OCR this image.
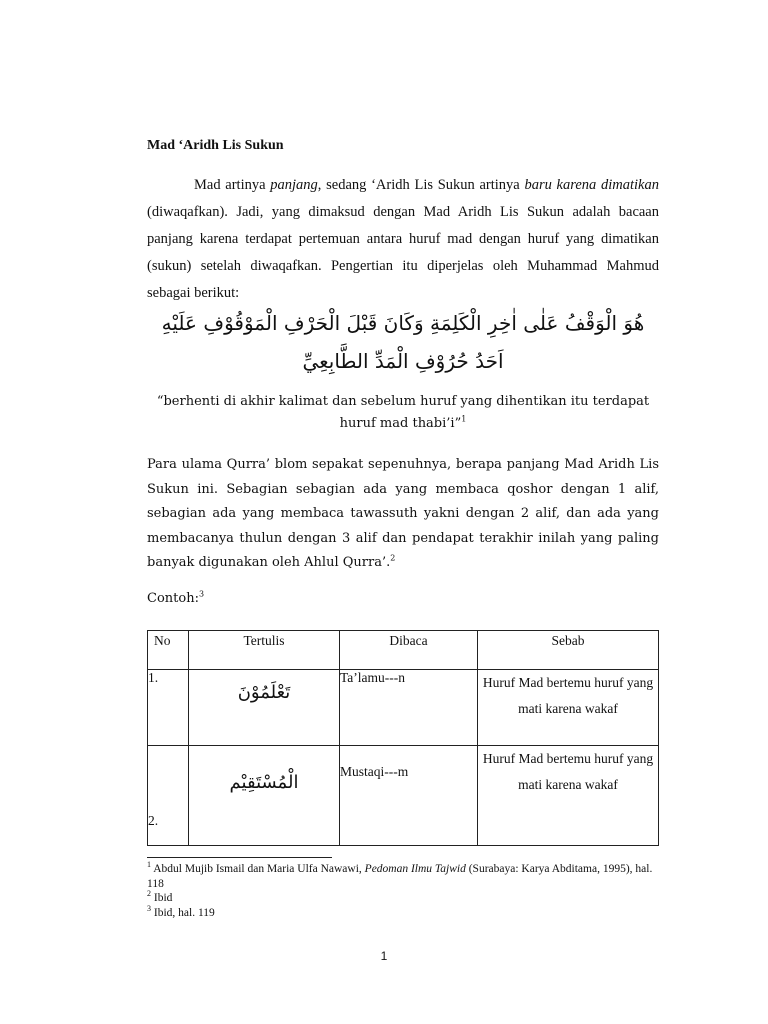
Mad ‘Aridh Lis Sukun
Mad artinya panjang, sedang ‘Aridh Lis Sukun artinya baru karena dimatikan (diwaqafkan). Jadi, yang dimaksud dengan Mad Aridh Lis Sukun adalah bacaan panjang karena terdapat pertemuan antara huruf mad dengan huruf yang dimatikan (sukun) setelah diwaqafkan. Pengertian itu diperjelas oleh Muhammad Mahmud sebagai berikut:
هُوَ الْوَقْفُ عَلٰى اٰخِرِ الْكَلِمَةِ وَكَانَ قَبْلَ الْحَرْفِ الْمَوْقُوْفِ عَلَيْهِ اَحَدُ حُرُوْفِ الْمَدِّ الطَّابِعِيِّ
“berhenti di akhir kalimat dan sebelum huruf yang dihentikan itu terdapat huruf mad thabi’i”$^1$
Para ulama Qurra’ blom sepakat sepenuhnya, berapa panjang Mad Aridh Lis Sukun ini. Sebagian sebagian ada yang membaca qoshor dengan 1 alif, sebagian ada yang membaca tawassuth yakni dengan 2 alif, dan ada yang membacanya thulun dengan 3 alif dan pendapat terakhir inilah yang paling banyak digunakan oleh Ahlul Qurra’.$^2$
Contoh:$^3$
No	Tertulis	Dibaca	Sebab
1.	تَعْلَمُوْنَ	Ta’lamu---n	Huruf Mad bertemu huruf yang
mati karena wakaf
2.	الْمُسْتَقِيْم	Mustaqi---m	Huruf Mad bertemu huruf yang
mati karena wakaf
$^1$ Abdul Mujib Ismail dan Maria Ulfa Nawawi, Pedoman Ilmu Tajwid (Surabaya: Karya Abditama, 1995), hal. 118
$^2$ Ibid
$^3$ Ibid, hal. 119
1
